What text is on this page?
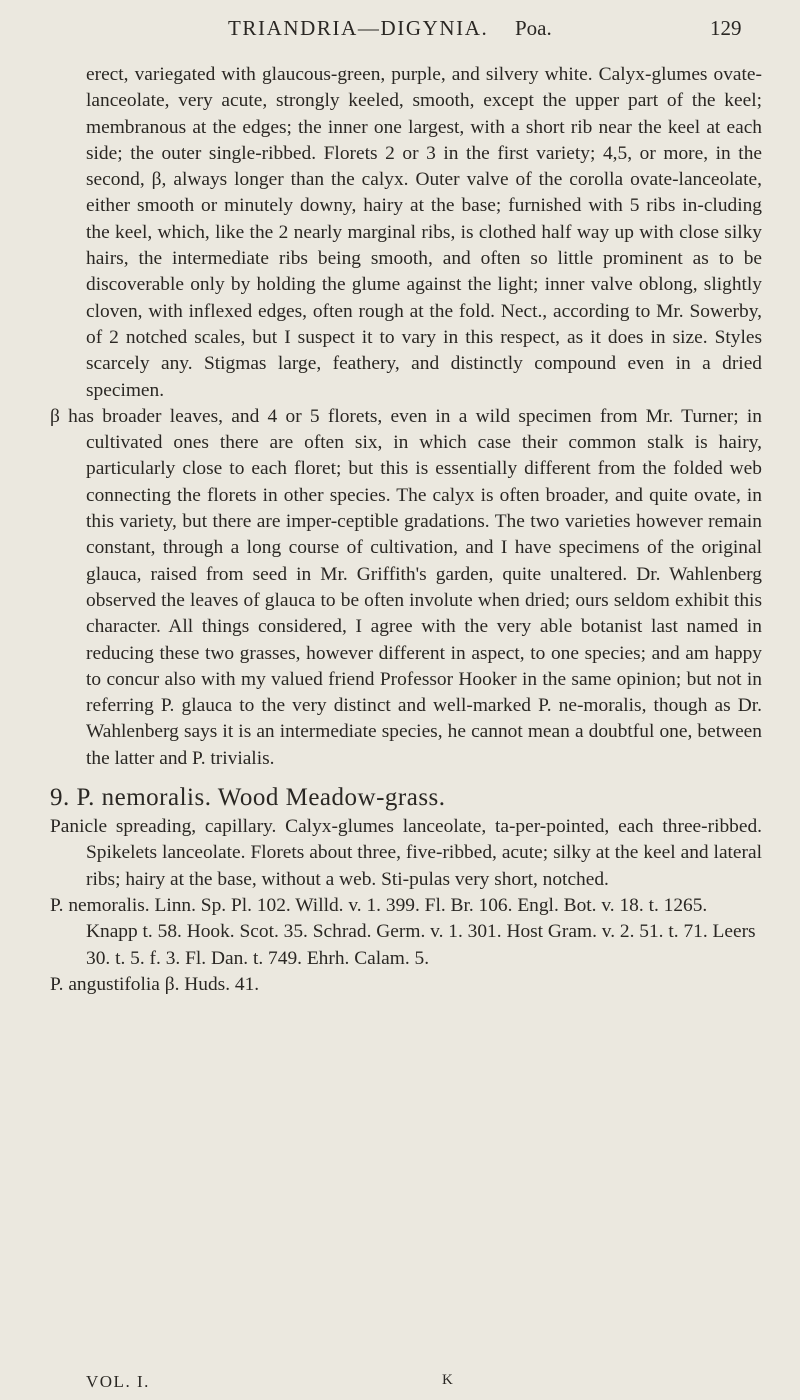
TRIANDRIA—DIGYNIA. Poa.	129

erect, variegated with glaucous-green, purple, and silvery white. Calyx-glumes ovate-lanceolate, very acute, strongly keeled, smooth, except the upper part of the keel; membranous at the edges; the inner one largest, with a short rib near the keel at each side; the outer single-ribbed. Florets 2 or 3 in the first variety; 4,5, or more, in the second, β, always longer than the calyx. Outer valve of the corolla ovate-lanceolate, either smooth or minutely downy, hairy at the base; furnished with 5 ribs in-cluding the keel, which, like the 2 nearly marginal ribs, is clothed half way up with close silky hairs, the intermediate ribs being smooth, and often so little prominent as to be discoverable only by holding the glume against the light; inner valve oblong, slightly cloven, with inflexed edges, often rough at the fold. Nect., according to Mr. Sowerby, of 2 notched scales, but I suspect it to vary in this respect, as it does in size. Styles scarcely any. Stigmas large, feathery, and distinctly compound even in a dried specimen.

β has broader leaves, and 4 or 5 florets, even in a wild specimen from Mr. Turner; in cultivated ones there are often six, in which case their common stalk is hairy, particularly close to each floret; but this is essentially different from the folded web connecting the florets in other species. The calyx is often broader, and quite ovate, in this variety, but there are imper-ceptible gradations. The two varieties however remain constant, through a long course of cultivation, and I have specimens of the original glauca, raised from seed in Mr. Griffith's garden, quite unaltered. Dr. Wahlenberg observed the leaves of glauca to be often involute when dried; ours seldom exhibit this character. All things considered, I agree with the very able botanist last named in reducing these two grasses, however different in aspect, to one species; and am happy to concur also with my valued friend Professor Hooker in the same opinion; but not in referring P. glauca to the very distinct and well-marked P. ne-moralis, though as Dr. Wahlenberg says it is an intermediate species, he cannot mean a doubtful one, between the latter and P. trivialis.

9. P. nemoralis. Wood Meadow-grass.

Panicle spreading, capillary. Calyx-glumes lanceolate, ta-per-pointed, each three-ribbed. Spikelets lanceolate. Florets about three, five-ribbed, acute; silky at the keel and lateral ribs; hairy at the base, without a web. Sti-pulas very short, notched.

P. nemoralis. Linn. Sp. Pl. 102. Willd. v. 1. 399. Fl. Br. 106. Engl. Bot. v. 18. t. 1265. Knapp t. 58. Hook. Scot. 35. Schrad. Germ. v. 1. 301. Host Gram. v. 2. 51. t. 71. Leers 30. t. 5. f. 3. Fl. Dan. t. 749. Ehrh. Calam. 5.

P. angustifolia β. Huds. 41.

VOL. I.	K
